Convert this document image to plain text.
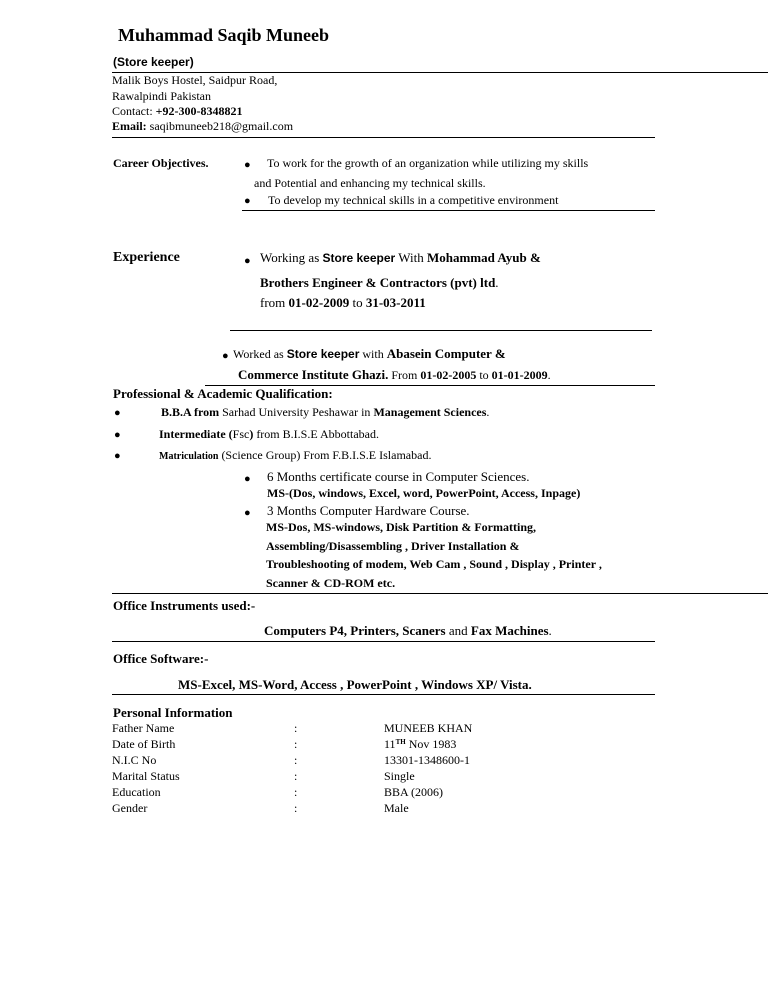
Muhammad Saqib Muneeb
(Store keeper)
Malik Boys Hostel, Saidpur Road,
Rawalpindi Pakistan
Contact: +92-300-8348821
Email: saqibmuneeb218@gmail.com
Career Objectives.	● To work for the growth of an organization while utilizing my skills
and Potential and enhancing my technical skills.
● To develop my technical skills in a competitive environment
Experience	● Working as Store keeper With Mohammad Ayub &
Brothers Engineer & Contractors (pvt) ltd.
from 01-02-2009 to 31-03-2011
● Worked as Store keeper with Abasein Computer &
Commerce Institute Ghazi. From 01-02-2005 to 01-01-2009.
Professional & Academic Qualification:
●	B.B.A from Sarhad University Peshawar in Management Sciences.
●	Intermediate (Fsc) from B.I.S.E Abbottabad.
●	Matriculation (Science Group) From F.B.I.S.E Islamabad.
● 6 Months certificate course in Computer Sciences.
MS-(Dos, windows, Excel, word, PowerPoint, Access, Inpage)
● 3 Months Computer Hardware Course.
MS-Dos, MS-windows, Disk Partition & Formatting,
Assembling/Disassembling , Driver Installation &
Troubleshooting of modem, Web Cam , Sound , Display , Printer ,
Scanner & CD-ROM etc.
Office Instruments used:-
Computers P4, Printers, Scaners and Fax Machines.
Office Software:-
MS-Excel, MS-Word, Access , PowerPoint , Windows XP/ Vista.
Personal Information
Father Name	:	MUNEEB KHAN
Date of Birth	:	11TH Nov 1983
N.I.C No	:	13301-1348600-1
Marital Status	:	Single
Education	:	BBA (2006)
Gender	:	Male
